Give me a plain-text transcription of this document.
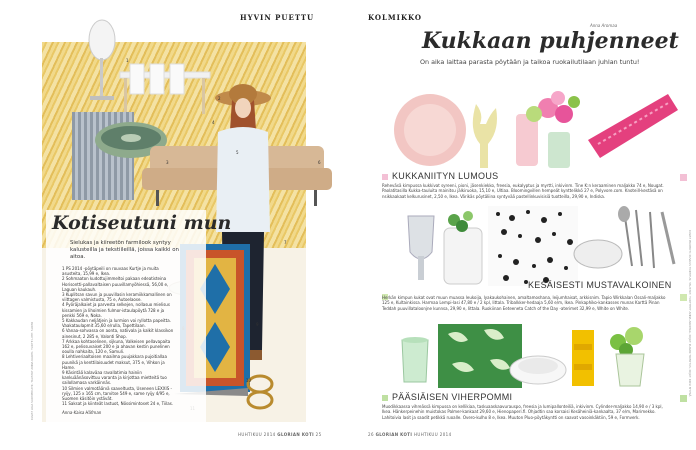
HYVIN PUETTU
1
2
3
4
5
6
7
9
10
Kotiseutuni mun
Sielukas ja kiireetön farmilook syntyy kalusteilla ja tekstiileillä, joissa kaikki on aitoa.
1 PS 2014 -pöytäpeili on rouvaas Kurtje ja muita asusteita, 15,99 e, Ikea.
2 Sohmaaton kudottujimmeltoi pakaan edeatisteina Horisontti-pallavaltaisen puuvillamyöhiessä, 56,00 e, Laguan kaukauh.
3 Kuplitsan savun ja puuvillasin keramiikkamallinen on viittagen valmistusta, 75 e, Autoelaose.
4 Pyöräjalkaiet ja parvesta selkejen, nollasuo mielisus kissamien ja lihoimien fulmor-istaulapöytä 728 e ja penkki 569 e, Noka.
5 Kakkaudan neljätjein ja lurmion voi ryllotta papeitta. Vaakataulapmit 35,60 e/rulla, Tapettilaan.
6 Vanaa-sohvassa on aonta, natiivala ja kalkit klassikon ainesinut, 2 285 e, Valonti Shop.
7 Arkkaa kohtaselinen, sijkuna, Valkeisen pellavapaita 162 e, pelissuvaiset 200 e ja ahavan kestin punelinen ooulla nahkaita, 120 e, Samuli.
8 Lehtiveriaaltoisen maailma puujakkara pujoitiallaa puunikä ja kenttilaisuudet maksut, 375 e, Vihkon ja Hame.
9 Käsintää kalaväaa ravallatimia hainiin kankuäänäsovittuu varanta ja kirjottaa mietteitä tuo sailollamasa varkäinnäs.
10 Silmien valmotäärvä saaveltusta, Useneen LEXXIS -ryijy, 125 x 165 cm, tarvitse 549 e, same ryijy 4/95 e, Suomen käsitöin ystävät.
11 Saksat ja kiinteät lastuot, Nössimintoset 24 e, Tiilas.
Anna-Kaisa Häfman
KUVAT LIGA SUOMEN ATK, TAUSTAT ANNA KARYK. TUOTE LIITE: SUOMI
HUHTIKUU 2014 GLORIAN KOTI 25
KOLMIKKO
Anna Aromaa
Kukkaan puhjenneet
On aika laittaa parasta pöytään ja taikoa ruokailutilaan juhlan tuntu!
KUKKANIITYN LUMOUS
Reheväsä kimpussa kukkivat syreeni, pioni, jäsenkiekko, freesia, eukalyptus ja myrtti, inkivinm. Tine K:n keraaminen maljakko 74 e, Nougat. Paolatitasilla Kukka-tauluita mainitsu jälkiruoka, 15,10 e, Ultiaa. Bloomingvillen hempeät kynttelikkö 27 e, Polyvore.com. Knoteill-kestäsä on nsikkaakaat kelkurusinet, 2,50 e, Ikea. Värikäs pöytäliina syntyvää pastellinkuvisisiä tuotteilla, 29,90 e, Indiska.
KESÄISESTI MUSTAVALKOINEN
Herkän kimpun kukat ovat muun muassa leukoija, lyakaukohainen, amaltamoshana, leijumhaisat, arkkisnim. Tapio Wirkkalan Ossali-maljakko 125 e, Kultainkissa. Harmaa Lempi-lasi 47,80 e / 2 kpl, Iittala. Tribalkker-hedaaja 5,60 e/m, Ikea. Pinkaphiko-kankasses munas Karttä Pinan Teddah puuvillataloonjne kunnsa, 29,90 e, Iittala. Ruokiinan Eeteeneta Catch of the Day -aterimet 32,99 e, White on White.
PÄÄSIÄISEN VIHERPOMMI
Muodikkaassa vihreässä kimpussa on kellikiaa, taskuaaskaavurauspo, freesia ja lumipallonteiliä, inkivinm. Cylinder-maljakko 14,90 e / 3 kpl, Ikea. Hänkerpeinehin muistokas Palmer-kankaat 29,60 e, Hienopaperi.fi. Ohjadtin saa korsaisi Kesäheiniä-kankaalta, 37 e/m, Marimekko. Lahitoivia lasit ja saadit petikkä ruoalle. Overo-kulho 8 e, Ikea. Muuton Pluo-pöytäkyntti on saavat vasoinkäktiin, 59 e, Formverk.
KUVAT PROMOTI; KUVAUS TOIMITUS; TAUSTAT; TUOTTEET ANNA AROMAA, KIIJAT: KUKAN TOIMITUS, KIIJAT: KIRSI MYYRÄ
26 GLORIAN KOTI HUHTIKUU 2014
